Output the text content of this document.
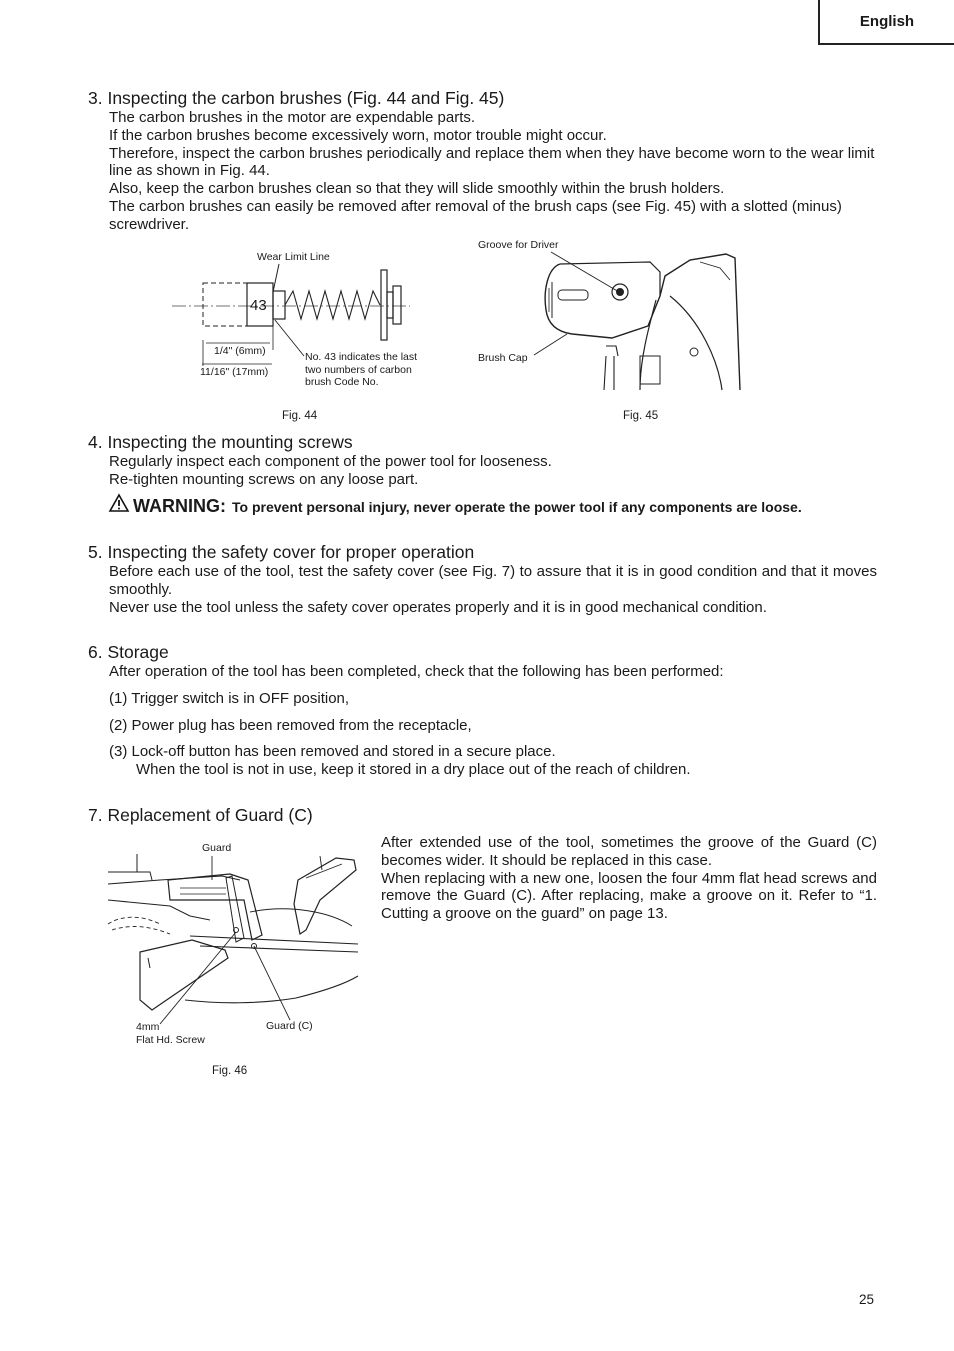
English
3. Inspecting the carbon brushes (Fig. 44 and Fig. 45)
The carbon brushes in the motor are expendable parts.
If the carbon brushes become excessively worn, motor trouble might occur.
Therefore, inspect the carbon brushes periodically and replace them when they have become worn to the wear limit line as shown in Fig. 44.
Also, keep the carbon brushes clean so that they will slide smoothly within the brush holders.
The carbon brushes can easily be removed after removal of the brush caps (see Fig. 45) with a slotted (minus) screwdriver.
Wear Limit Line
43
1/4" (6mm)
11/16" (17mm)
No. 43 indicates the last
two numbers of carbon
brush Code No.
Fig. 44
Groove for Driver
Brush Cap
Fig. 45
4. Inspecting the mounting screws
Regularly inspect each component of the power tool for looseness.
Re-tighten mounting screws on any loose part.
WARNING: To prevent personal injury, never operate the power tool if any components are loose.
5. Inspecting the safety cover for proper operation
Before each use of the tool, test the safety cover (see Fig. 7) to assure that it is in good condition and that it moves smoothly.
Never use the tool unless the safety cover operates properly and it is in good mechanical condition.
6. Storage
After operation of the tool has been completed, check that the following has been performed:
(1) Trigger switch is in OFF position,
(2) Power plug has been removed from the receptacle,
(3) Lock-off button has been removed and stored in a secure place.
When the tool is not in use, keep it stored in a dry place out of the reach of children.
7. Replacement of Guard (C)
After extended use of the tool, sometimes the groove of the Guard (C) becomes wider. It should be replaced in this case.
When replacing with a new one, loosen the four 4mm flat head screws and remove the Guard (C). After replacing, make a groove on it. Refer to “1. Cutting a groove on the guard” on page 13.
Guard
4mm
Flat Hd. Screw
Guard (C)
Fig. 46
25
